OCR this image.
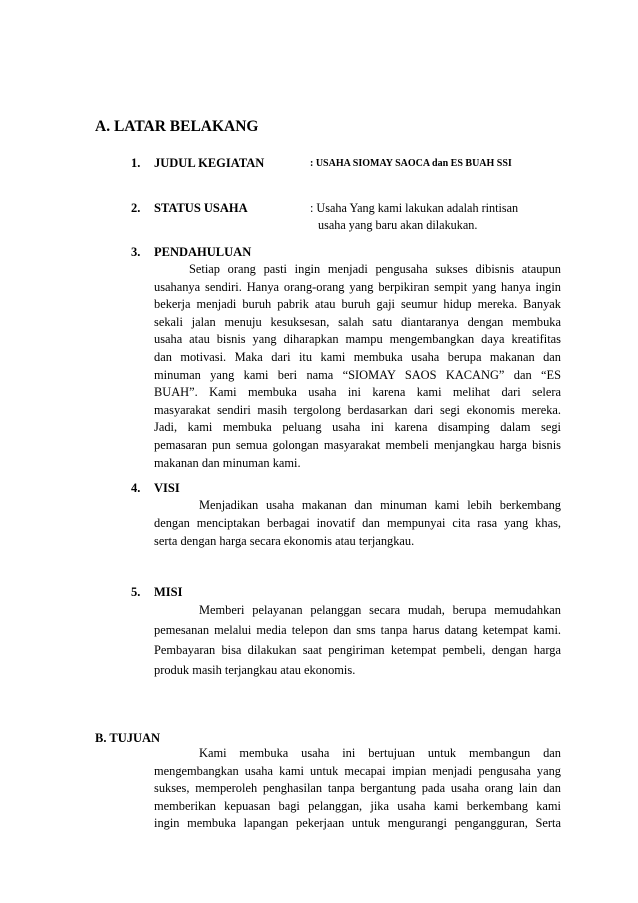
A. LATAR BELAKANG
1. JUDUL KEGIATAN	: USAHA SIOMAY SAOCA dan ES BUAH SSI
2. STATUS USAHA	: Usaha Yang kami lakukan adalah rintisan
usaha yang baru akan dilakukan.
3. PENDAHULUAN
Setiap orang pasti ingin menjadi pengusaha sukses dibisnis ataupun
usahanya sendiri. Hanya orang-orang yang berpikiran sempit yang hanya ingin
bekerja menjadi buruh pabrik atau buruh gaji seumur hidup mereka. Banyak
sekali jalan menuju kesuksesan, salah satu diantaranya dengan membuka
usaha atau bisnis yang diharapkan mampu mengembangkan daya kreatifitas
dan motivasi. Maka dari itu kami membuka usaha berupa makanan dan
minuman yang kami beri nama “SIOMAY SAOS KACANG” dan “ES
BUAH”. Kami membuka usaha ini karena kami melihat dari selera
masyarakat sendiri masih tergolong berdasarkan dari segi ekonomis mereka.
Jadi, kami membuka peluang usaha ini karena disamping dalam segi
pemasaran pun semua golongan masyarakat membeli menjangkau harga bisnis
makanan dan minuman kami.
4. VISI
Menjadikan usaha makanan dan minuman kami lebih berkembang
dengan menciptakan berbagai inovatif dan mempunyai cita rasa yang khas,
serta dengan harga secara ekonomis atau terjangkau.
5. MISI
Memberi pelayanan pelanggan secara mudah, berupa memudahkan
pemesanan melalui media telepon dan sms tanpa harus datang ketempat kami.
Pembayaran bisa dilakukan saat pengiriman ketempat pembeli, dengan harga
produk masih terjangkau atau ekonomis.
B. TUJUAN
Kami membuka usaha ini bertujuan untuk membangun dan
mengembangkan usaha kami untuk mecapai impian menjadi pengusaha yang
sukses, memperoleh penghasilan tanpa bergantung pada usaha orang lain dan
memberikan kepuasan bagi pelanggan, jika usaha kami berkembang kami
ingin membuka lapangan pekerjaan untuk mengurangi pengangguran, Serta
